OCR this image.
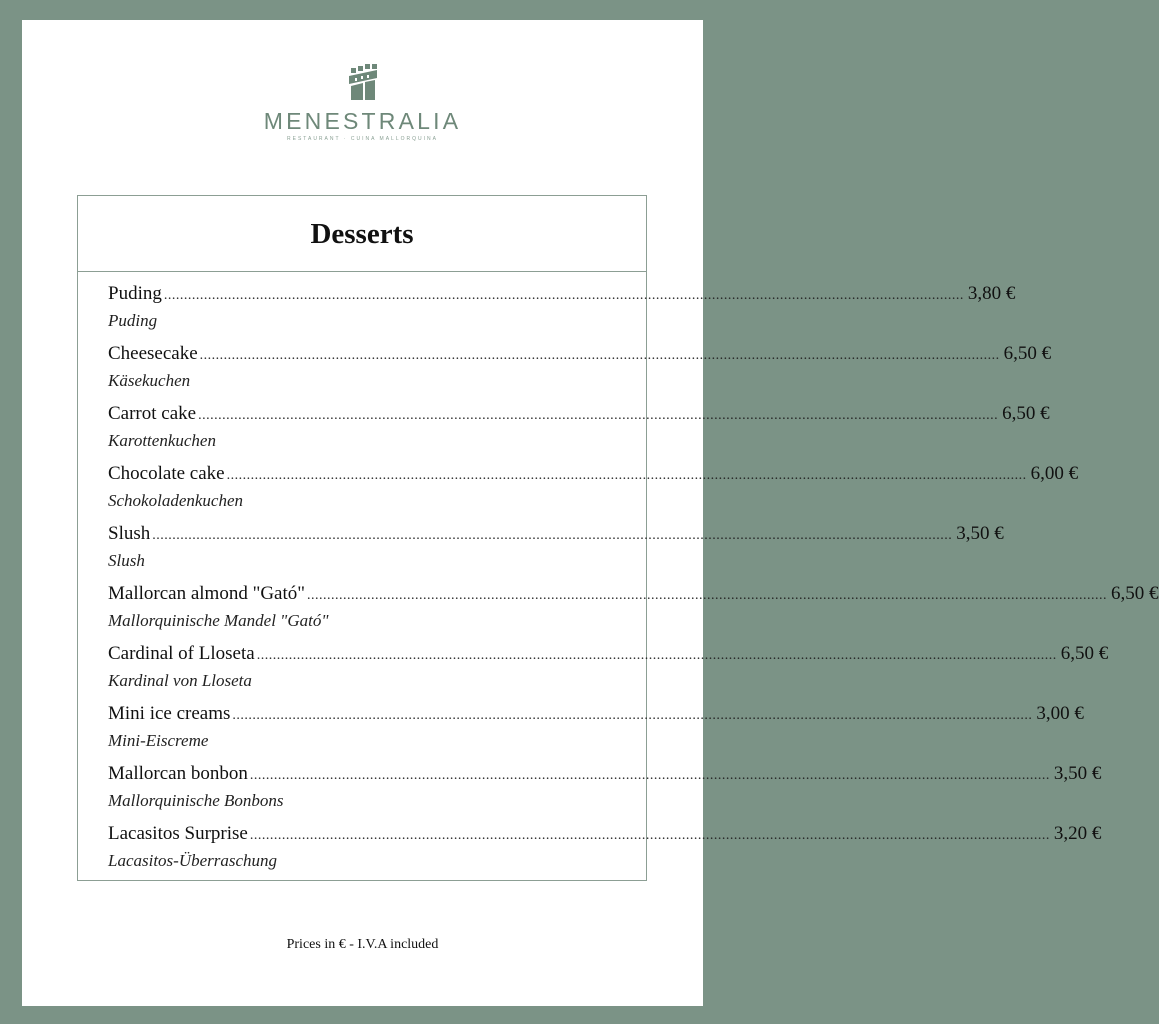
MENESTRALIA
RESTAURANT · CUINA MALLORQUINA
Desserts
Puding ........................................................................................................................................................................................................ 3,80 €
Puding
Cheesecake ........................................................................................................................................................................................................ 6,50 €
Käsekuchen
Carrot cake ........................................................................................................................................................................................................ 6,50 €
Karottenkuchen
Chocolate cake ........................................................................................................................................................................................................ 6,00 €
Schokoladenkuchen
Slush ........................................................................................................................................................................................................ 3,50 €
Slush
Mallorcan almond "Gató" ........................................................................................................................................................................................................ 6,50 €
Mallorquinische Mandel "Gató"
Cardinal of Lloseta ........................................................................................................................................................................................................ 6,50 €
Kardinal von Lloseta
Mini ice creams ........................................................................................................................................................................................................ 3,00 €
Mini-Eiscreme
Mallorcan bonbon ........................................................................................................................................................................................................ 3,50 €
Mallorquinische Bonbons
Lacasitos Surprise ........................................................................................................................................................................................................ 3,20 €
Lacasitos-Überraschung
Prices in € - I.V.A included
